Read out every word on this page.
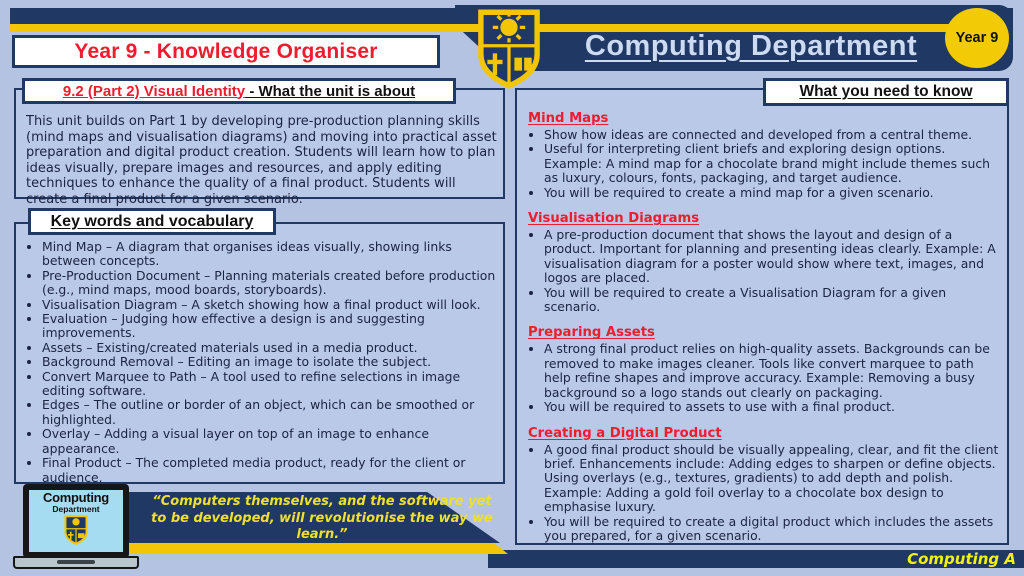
Computing Department	Year 9
Year 9 - Knowledge Organiser
This unit builds on Part 1 by developing pre-production planning skills (mind maps and visualisation diagrams) and moving into practical asset preparation and digital product creation. Students will learn how to plan ideas visually, prepare images and resources, and apply editing techniques to enhance the quality of a final product. Students will create a final product for a given scenario.
9.2 (Part 2) Visual Identity - What the unit is about
• Mind Map – A diagram that organises ideas visually, showing links between concepts.
• Pre-Production Document – Planning materials created before production (e.g., mind maps, mood boards, storyboards).
• Visualisation Diagram – A sketch showing how a final product will look.
• Evaluation – Judging how effective a design is and suggesting improvements.
• Assets – Existing/created materials used in a media product.
• Background Removal – Editing an image to isolate the subject.
• Convert Marquee to Path – A tool used to refine selections in image editing software.
• Edges – The outline or border of an object, which can be smoothed or highlighted.
• Overlay – Adding a visual layer on top of an image to enhance appearance.
• Final Product – The completed media product, ready for the client or audience.
Key words and vocabulary
Mind Maps
• Show how ideas are connected and developed from a central theme.
• Useful for interpreting client briefs and exploring design options. Example: A mind map for a chocolate brand might include themes such as luxury, colours, fonts, packaging, and target audience.
• You will be required to create a mind map for a given scenario.
Visualisation Diagrams
• A pre-production document that shows the layout and design of a product. Important for planning and presenting ideas clearly. Example: A visualisation diagram for a poster would show where text, images, and logos are placed.
• You will be required to create a Visualisation Diagram for a given scenario.
Preparing Assets
• A strong final product relies on high-quality assets. Backgrounds can be removed to make images cleaner. Tools like convert marquee to path help refine shapes and improve accuracy. Example: Removing a busy background so a logo stands out clearly on packaging.
• You will be required to assets to use with a final product.
Creating a Digital Product
• A good final product should be visually appealing, clear, and fit the client brief. Enhancements include: Adding edges to sharpen or define objects. Using overlays (e.g., textures, gradients) to add depth and polish. Example: Adding a gold foil overlay to a chocolate box design to emphasise luxury.
• You will be required to create a digital product which includes the assets you prepared, for a given scenario.
What you need to know
“Computers themselves, and the software yet to be developed, will revolutionise the way we learn.”
Computing A
Computing
Department
